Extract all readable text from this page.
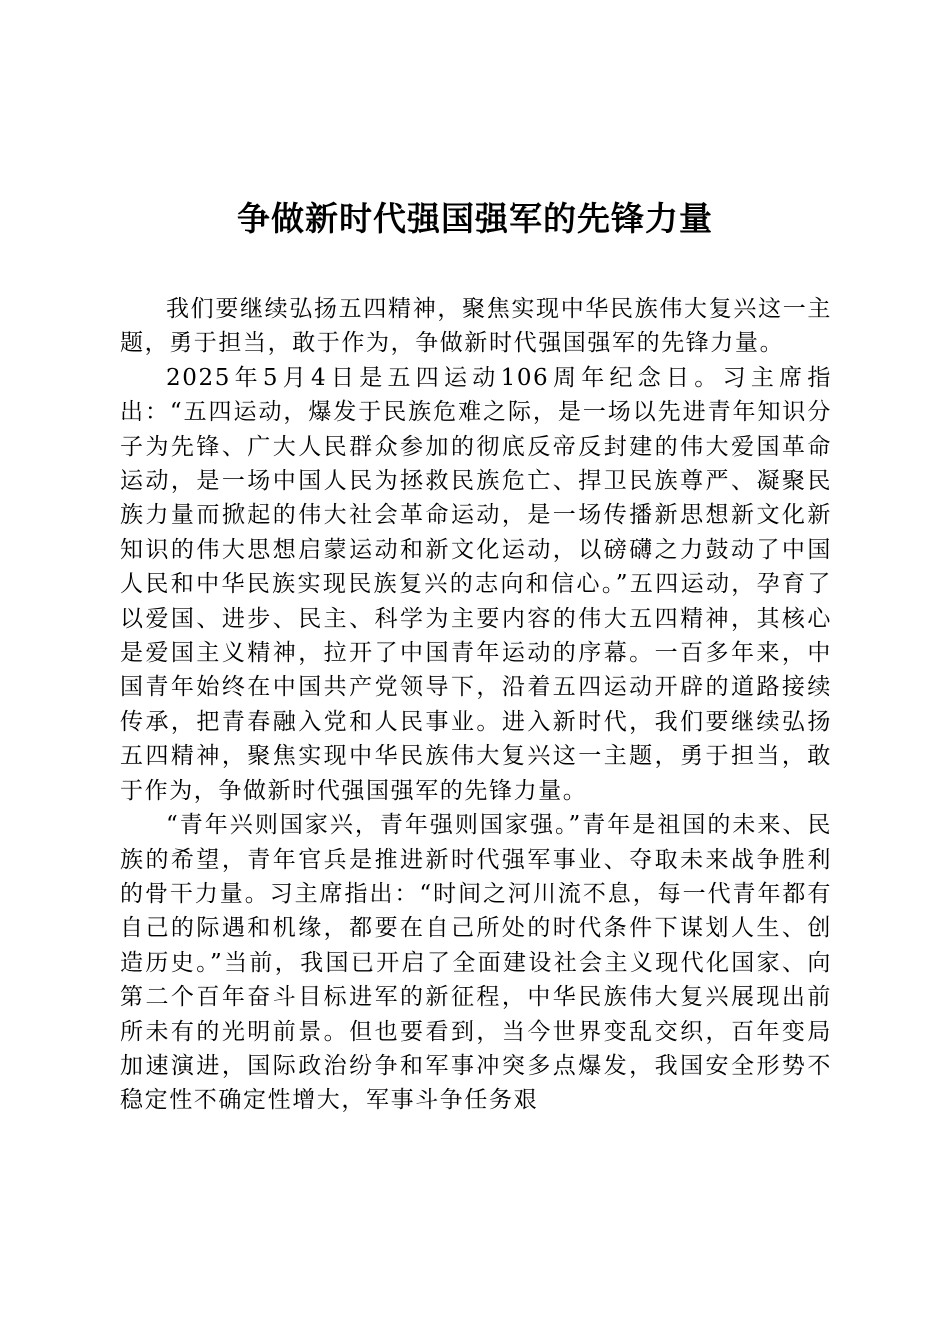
争做新时代强国强军的先锋力量

我们要继续弘扬五四精神，聚焦实现中华民族伟大复兴这一主题，勇于担当，敢于作为，争做新时代强国强军的先锋力量。

2025年5月4日是五四运动106周年纪念日。习主席指出：“五四运动，爆发于民族危难之际，是一场以先进青年知识分子为先锋、广大人民群众参加的彻底反帝反封建的伟大爱国革命运动，是一场中国人民为拯救民族危亡、捍卫民族尊严、凝聚民族力量而掀起的伟大社会革命运动，是一场传播新思想新文化新知识的伟大思想启蒙运动和新文化运动，以磅礴之力鼓动了中国人民和中华民族实现民族复兴的志向和信心。”五四运动，孕育了以爱国、进步、民主、科学为主要内容的伟大五四精神，其核心是爱国主义精神，拉开了中国青年运动的序幕。一百多年来，中国青年始终在中国共产党领导下，沿着五四运动开辟的道路接续传承，把青春融入党和人民事业。进入新时代，我们要继续弘扬五四精神，聚焦实现中华民族伟大复兴这一主题，勇于担当，敢于作为，争做新时代强国强军的先锋力量。

“青年兴则国家兴，青年强则国家强。”青年是祖国的未来、民族的希望，青年官兵是推进新时代强军事业、夺取未来战争胜利的骨干力量。习主席指出：“时间之河川流不息，每一代青年都有自己的际遇和机缘，都要在自己所处的时代条件下谋划人生、创造历史。”当前，我国已开启了全面建设社会主义现代化国家、向第二个百年奋斗目标进军的新征程，中华民族伟大复兴展现出前所未有的光明前景。但也要看到，当今世界变乱交织，百年变局加速演进，国际政治纷争和军事冲突多点爆发，我国安全形势不稳定性不确定性增大，军事斗争任务艰
